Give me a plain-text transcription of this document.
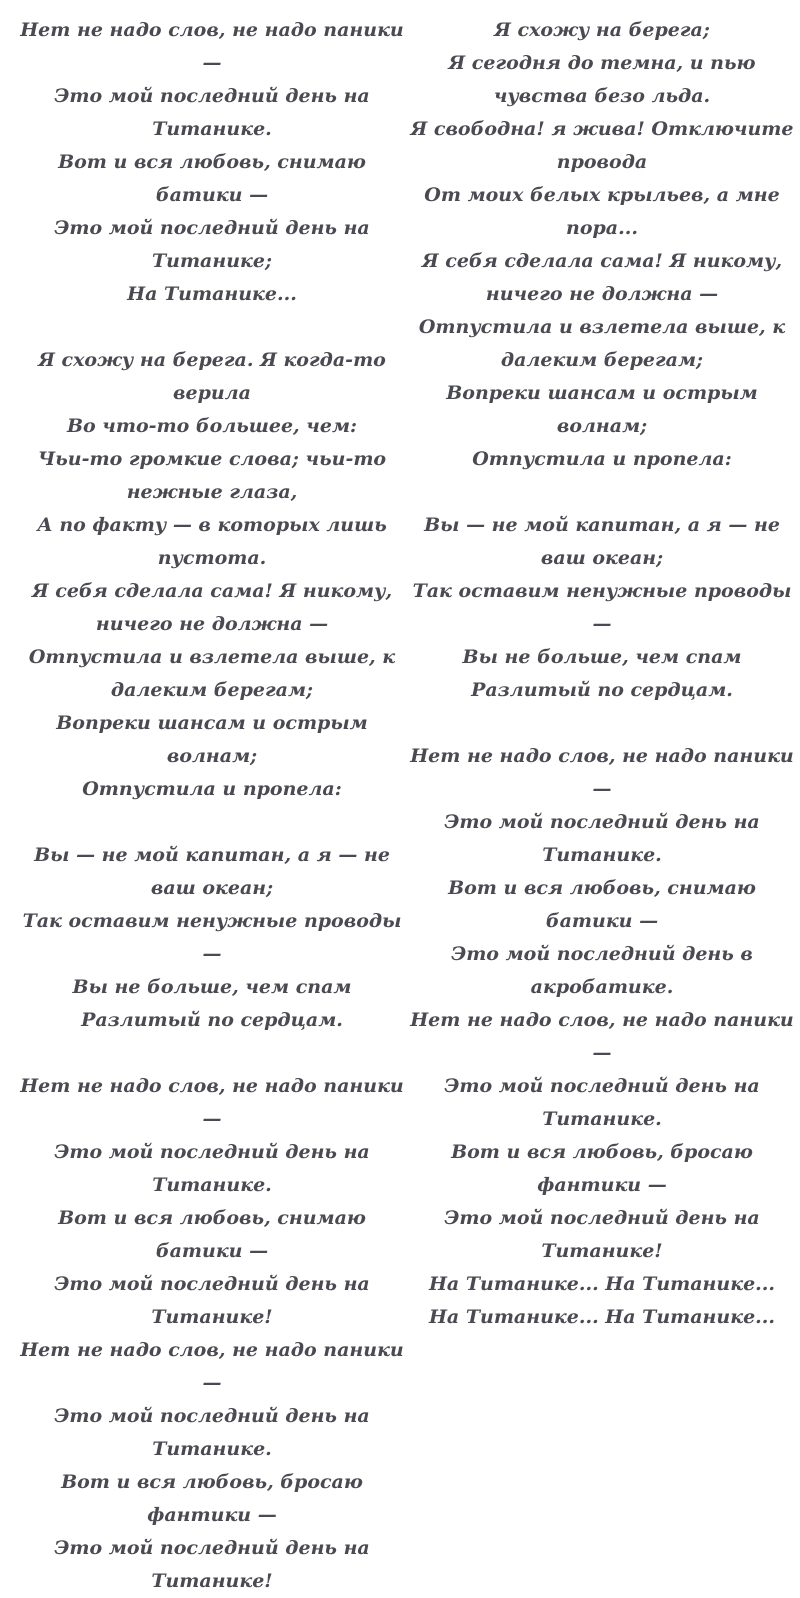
Нет не надо слов, не надо паники —
Это мой последний день на Титанике.
Вот и вся любовь, снимаю батики —
Это мой последний день на Титанике;
На Титанике...
Я схожу на берега. Я когда-то верила
Во что-то большее, чем:
Чьи-то громкие слова; чьи-то нежные глаза,
А по факту — в которых лишь пустота.
Я себя сделала сама! Я никому, ничего не должна —
Отпустила и взлетела выше, к далеким берегам;
Вопреки шансам и острым волнам;
Отпустила и пропела:
Вы — не мой капитан, а я — не ваш океан;
Так оставим ненужные проводы —
Вы не больше, чем спам
Разлитый по сердцам.
Нет не надо слов, не надо паники —
Это мой последний день на Титанике.
Вот и вся любовь, снимаю батики —
Это мой последний день на Титанике!
Нет не надо слов, не надо паники —
Это мой последний день на Титанике.
Вот и вся любовь, бросаю фантики —
Это мой последний день на Титанике!
Я схожу на берега;
Я сегодня до темна, и пью чувства безо льда.
Я свободна! я жива! Отключите провода
От моих белых крыльев, а мне пора...
Я себя сделала сама! Я никому, ничего не должна —
Отпустила и взлетела выше, к далеким берегам;
Вопреки шансам и острым волнам;
Отпустила и пропела:
Вы — не мой капитан, а я — не ваш океан;
Так оставим ненужные проводы —
Вы не больше, чем спам
Разлитый по сердцам.
Нет не надо слов, не надо паники —
Это мой последний день на Титанике.
Вот и вся любовь, снимаю батики —
Это мой последний день в акробатике.
Нет не надо слов, не надо паники —
Это мой последний день на Титанике.
Вот и вся любовь, бросаю фантики —
Это мой последний день на Титанике!
На Титанике... На Титанике...
На Титанике... На Титанике...
